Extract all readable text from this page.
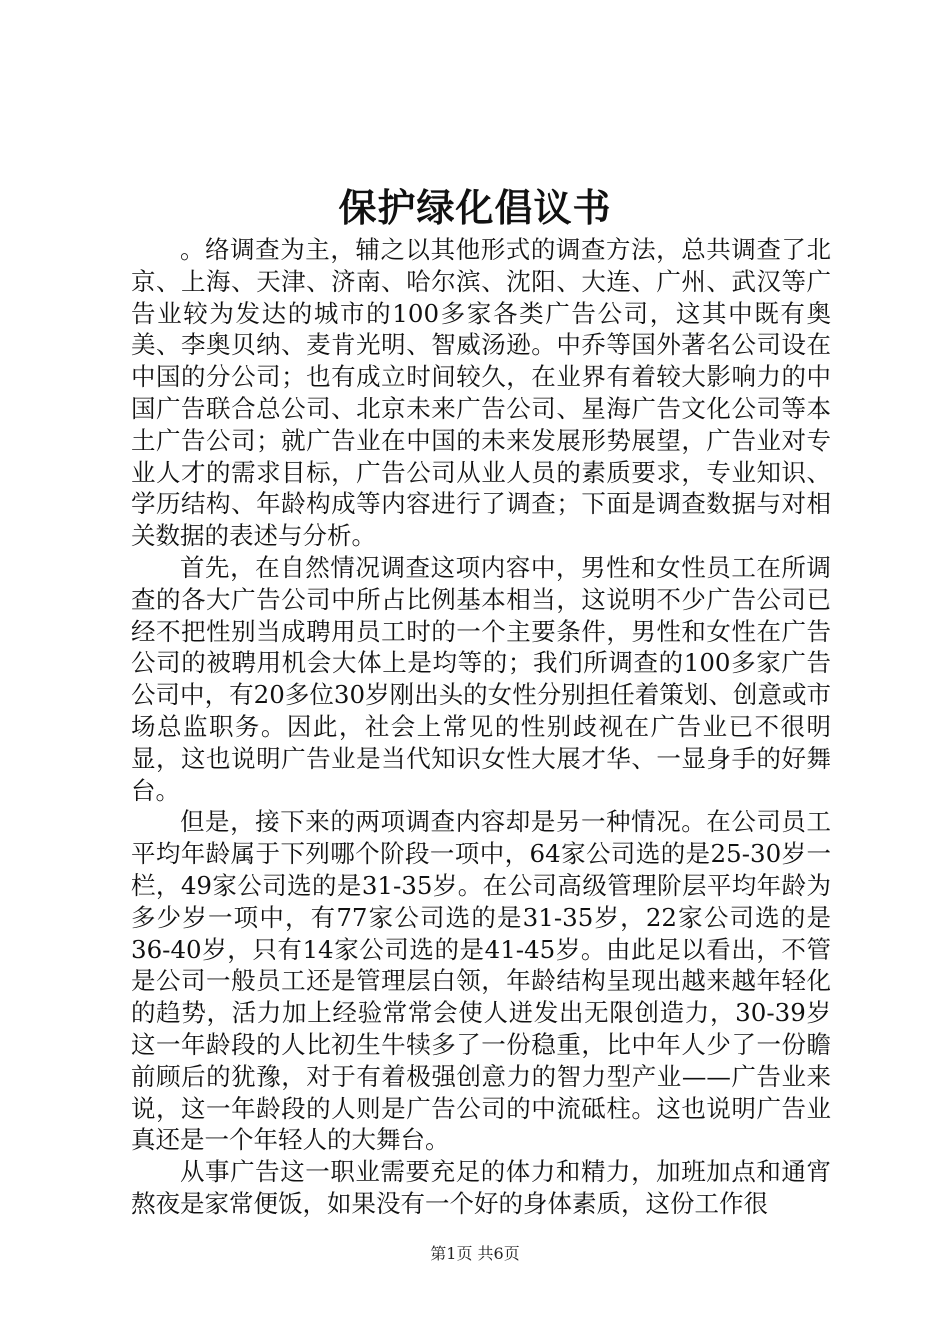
保护绿化倡议书

。络调查为主，辅之以其他形式的调查方法，总共调查了北京、上海、天津、济南、哈尔滨、沈阳、大连、广州、武汉等广告业较为发达的城市的100多家各类广告公司，这其中既有奥美、李奥贝纳、麦肯光明、智威汤逊。中乔等国外著名公司设在中国的分公司；也有成立时间较久，在业界有着较大影响力的中国广告联合总公司、北京未来广告公司、星海广告文化公司等本土广告公司；就广告业在中国的未来发展形势展望，广告业对专业人才的需求目标，广告公司从业人员的素质要求，专业知识、学历结构、年龄构成等内容进行了调查；下面是调查数据与对相关数据的表述与分析。

首先，在自然情况调查这项内容中，男性和女性员工在所调查的各大广告公司中所占比例基本相当，这说明不少广告公司已经不把性别当成聘用员工时的一个主要条件，男性和女性在广告公司的被聘用机会大体上是均等的；我们所调查的100多家广告公司中，有20多位30岁刚出头的女性分别担任着策划、创意或市场总监职务。因此，社会上常见的性别歧视在广告业已不很明显，这也说明广告业是当代知识女性大展才华、一显身手的好舞台。

但是，接下来的两项调查内容却是另一种情况。在公司员工平均年龄属于下列哪个阶段一项中，64家公司选的是25-30岁一栏，49家公司选的是31-35岁。在公司高级管理阶层平均年龄为多少岁一项中，有77家公司选的是31-35岁，22家公司选的是36-40岁，只有14家公司选的是41-45岁。由此足以看出，不管是公司一般员工还是管理层白领，年龄结构呈现出越来越年轻化的趋势，活力加上经验常常会使人迸发出无限创造力，30-39岁这一年龄段的人比初生牛犊多了一份稳重，比中年人少了一份瞻前顾后的犹豫，对于有着极强创意力的智力型产业——广告业来说，这一年龄段的人则是广告公司的中流砥柱。这也说明广告业真还是一个年轻人的大舞台。

从事广告这一职业需要充足的体力和精力，加班加点和通宵熬夜是家常便饭，如果没有一个好的身体素质，这份工作很

第1页 共6页
